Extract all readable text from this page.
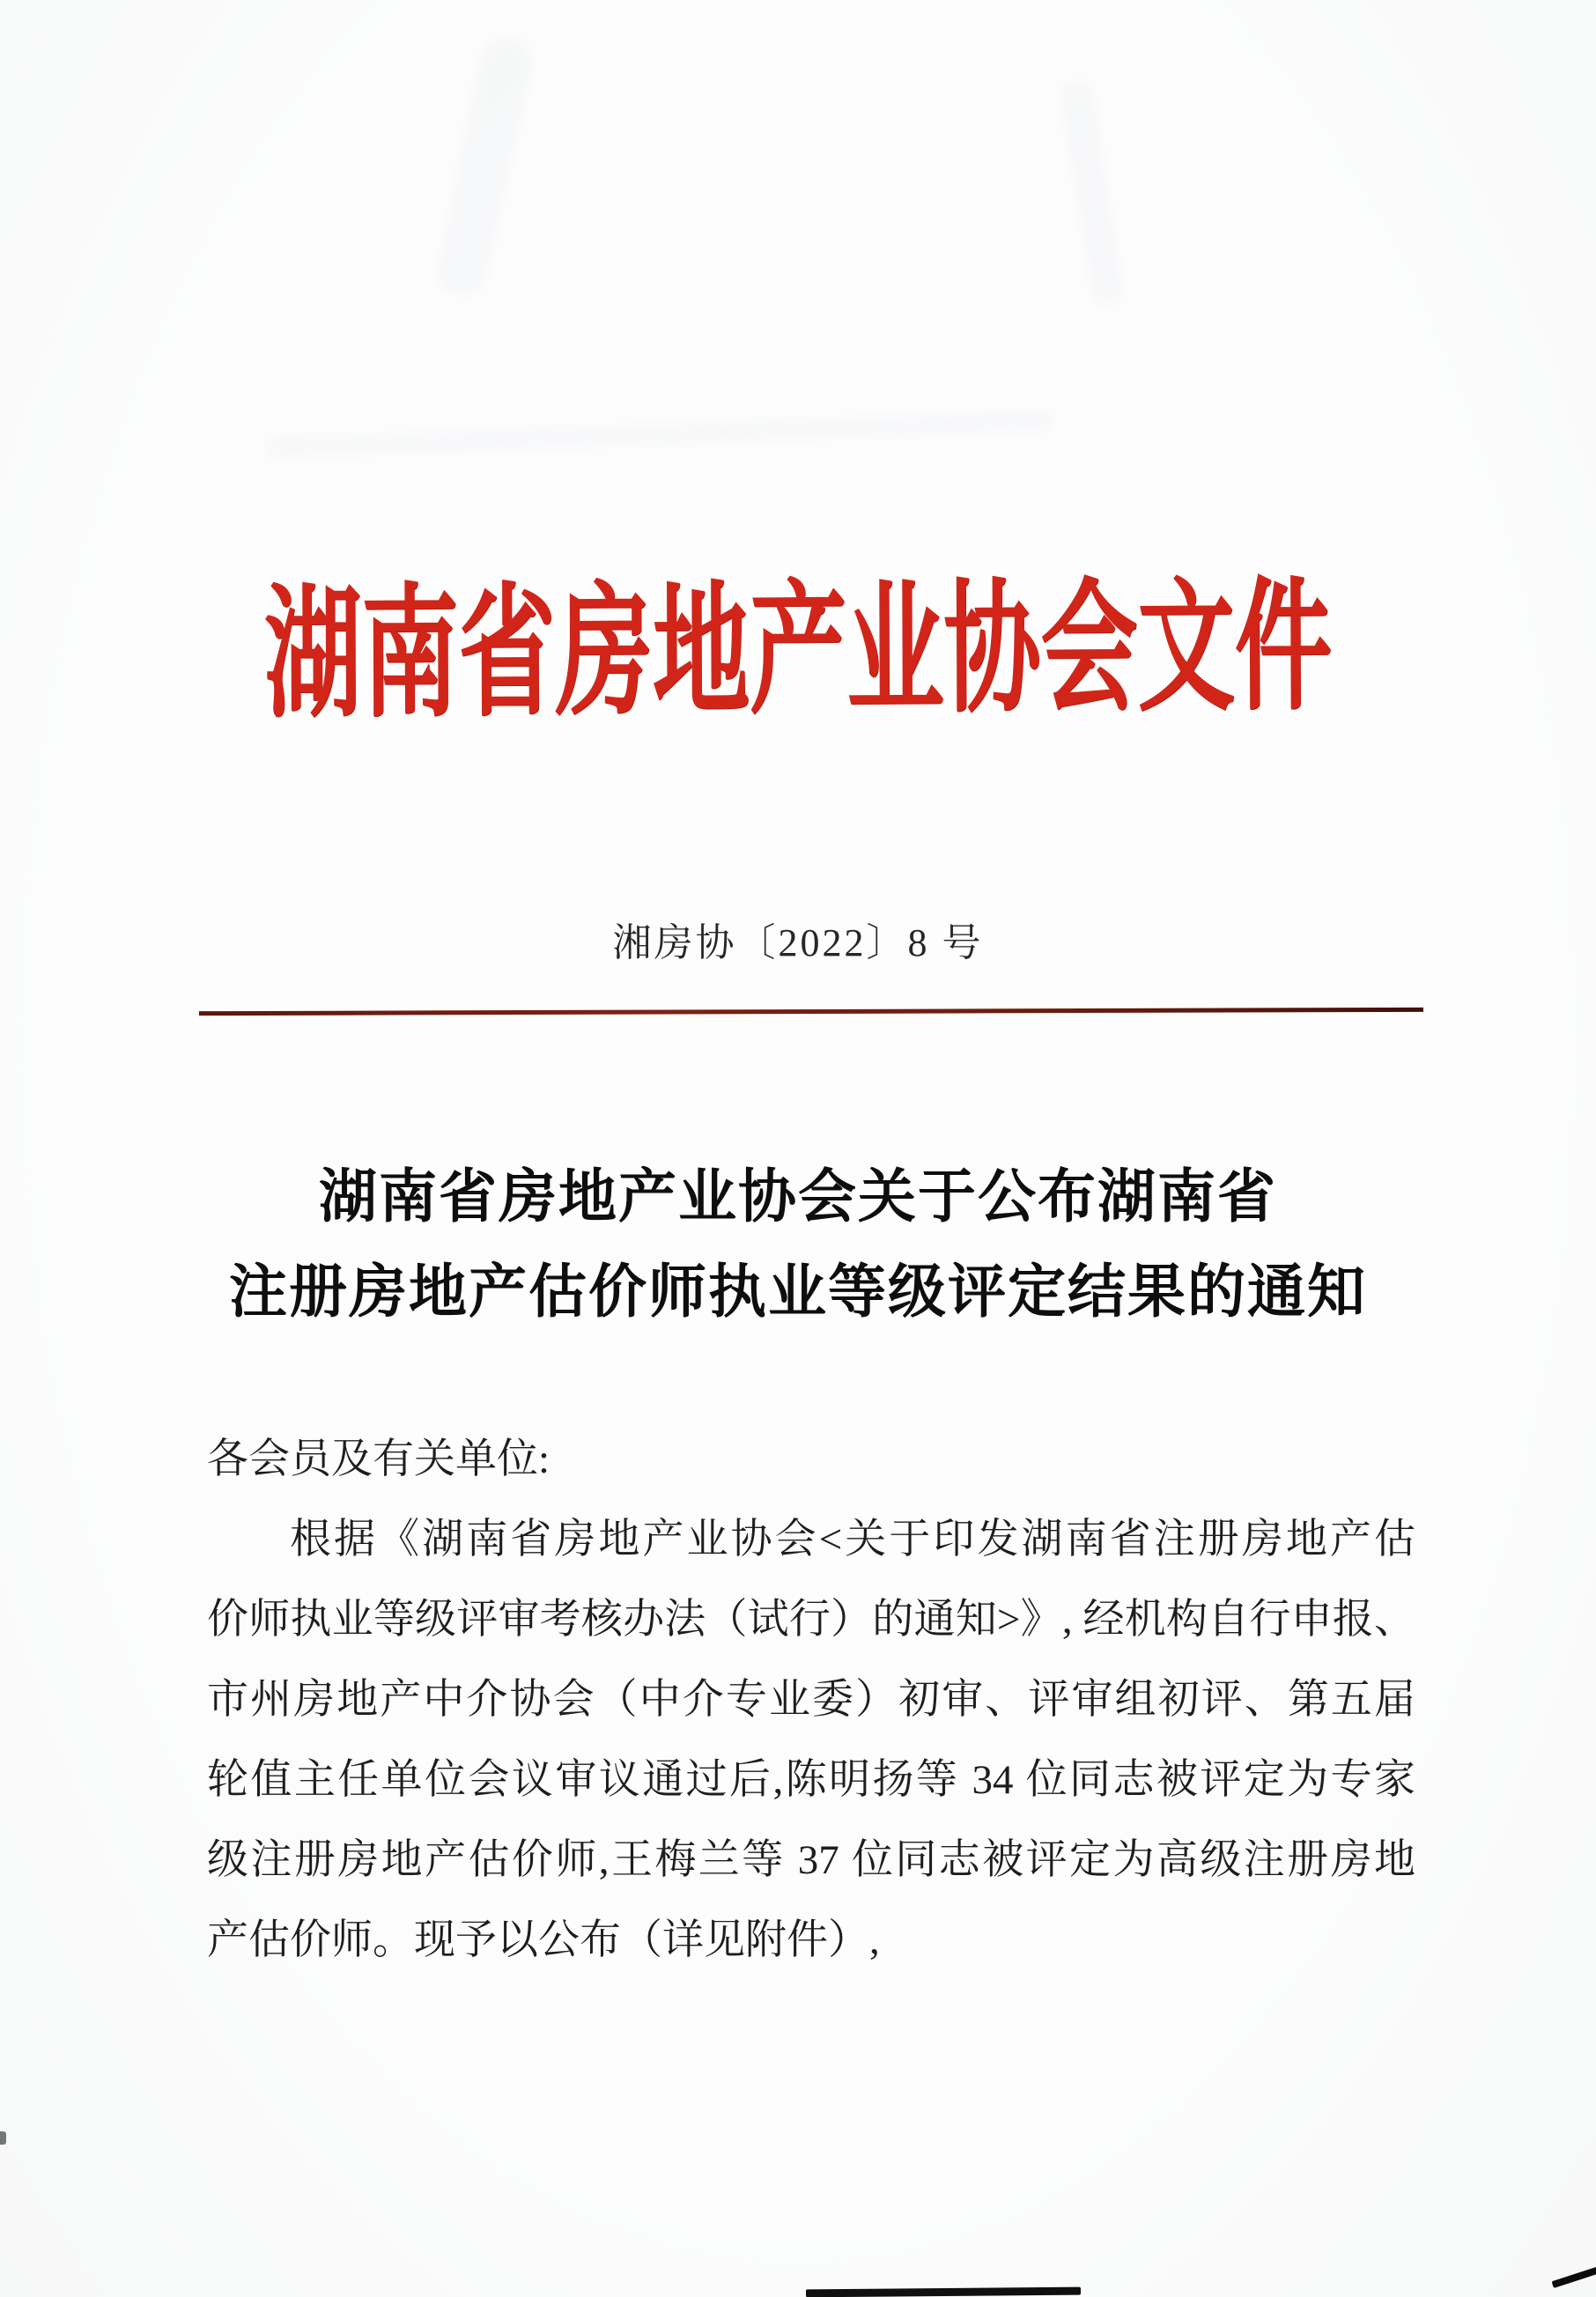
湖南省房地产业协会文件
湘房协〔2022〕8 号
湖南省房地产业协会关于公布湖南省
注册房地产估价师执业等级评定结果的通知
各会员及有关单位:
根据《湖南省房地产业协会<关于印发湖南省注册房地产估
价师执业等级评审考核办法（试行）的通知>》, 经机构自行申报、
市州房地产中介协会（中介专业委）初审、评审组初评、第五届
轮值主任单位会议审议通过后,陈明扬等 34 位同志被评定为专家
级注册房地产估价师,王梅兰等 37 位同志被评定为高级注册房地
产估价师。现予以公布（详见附件）,
